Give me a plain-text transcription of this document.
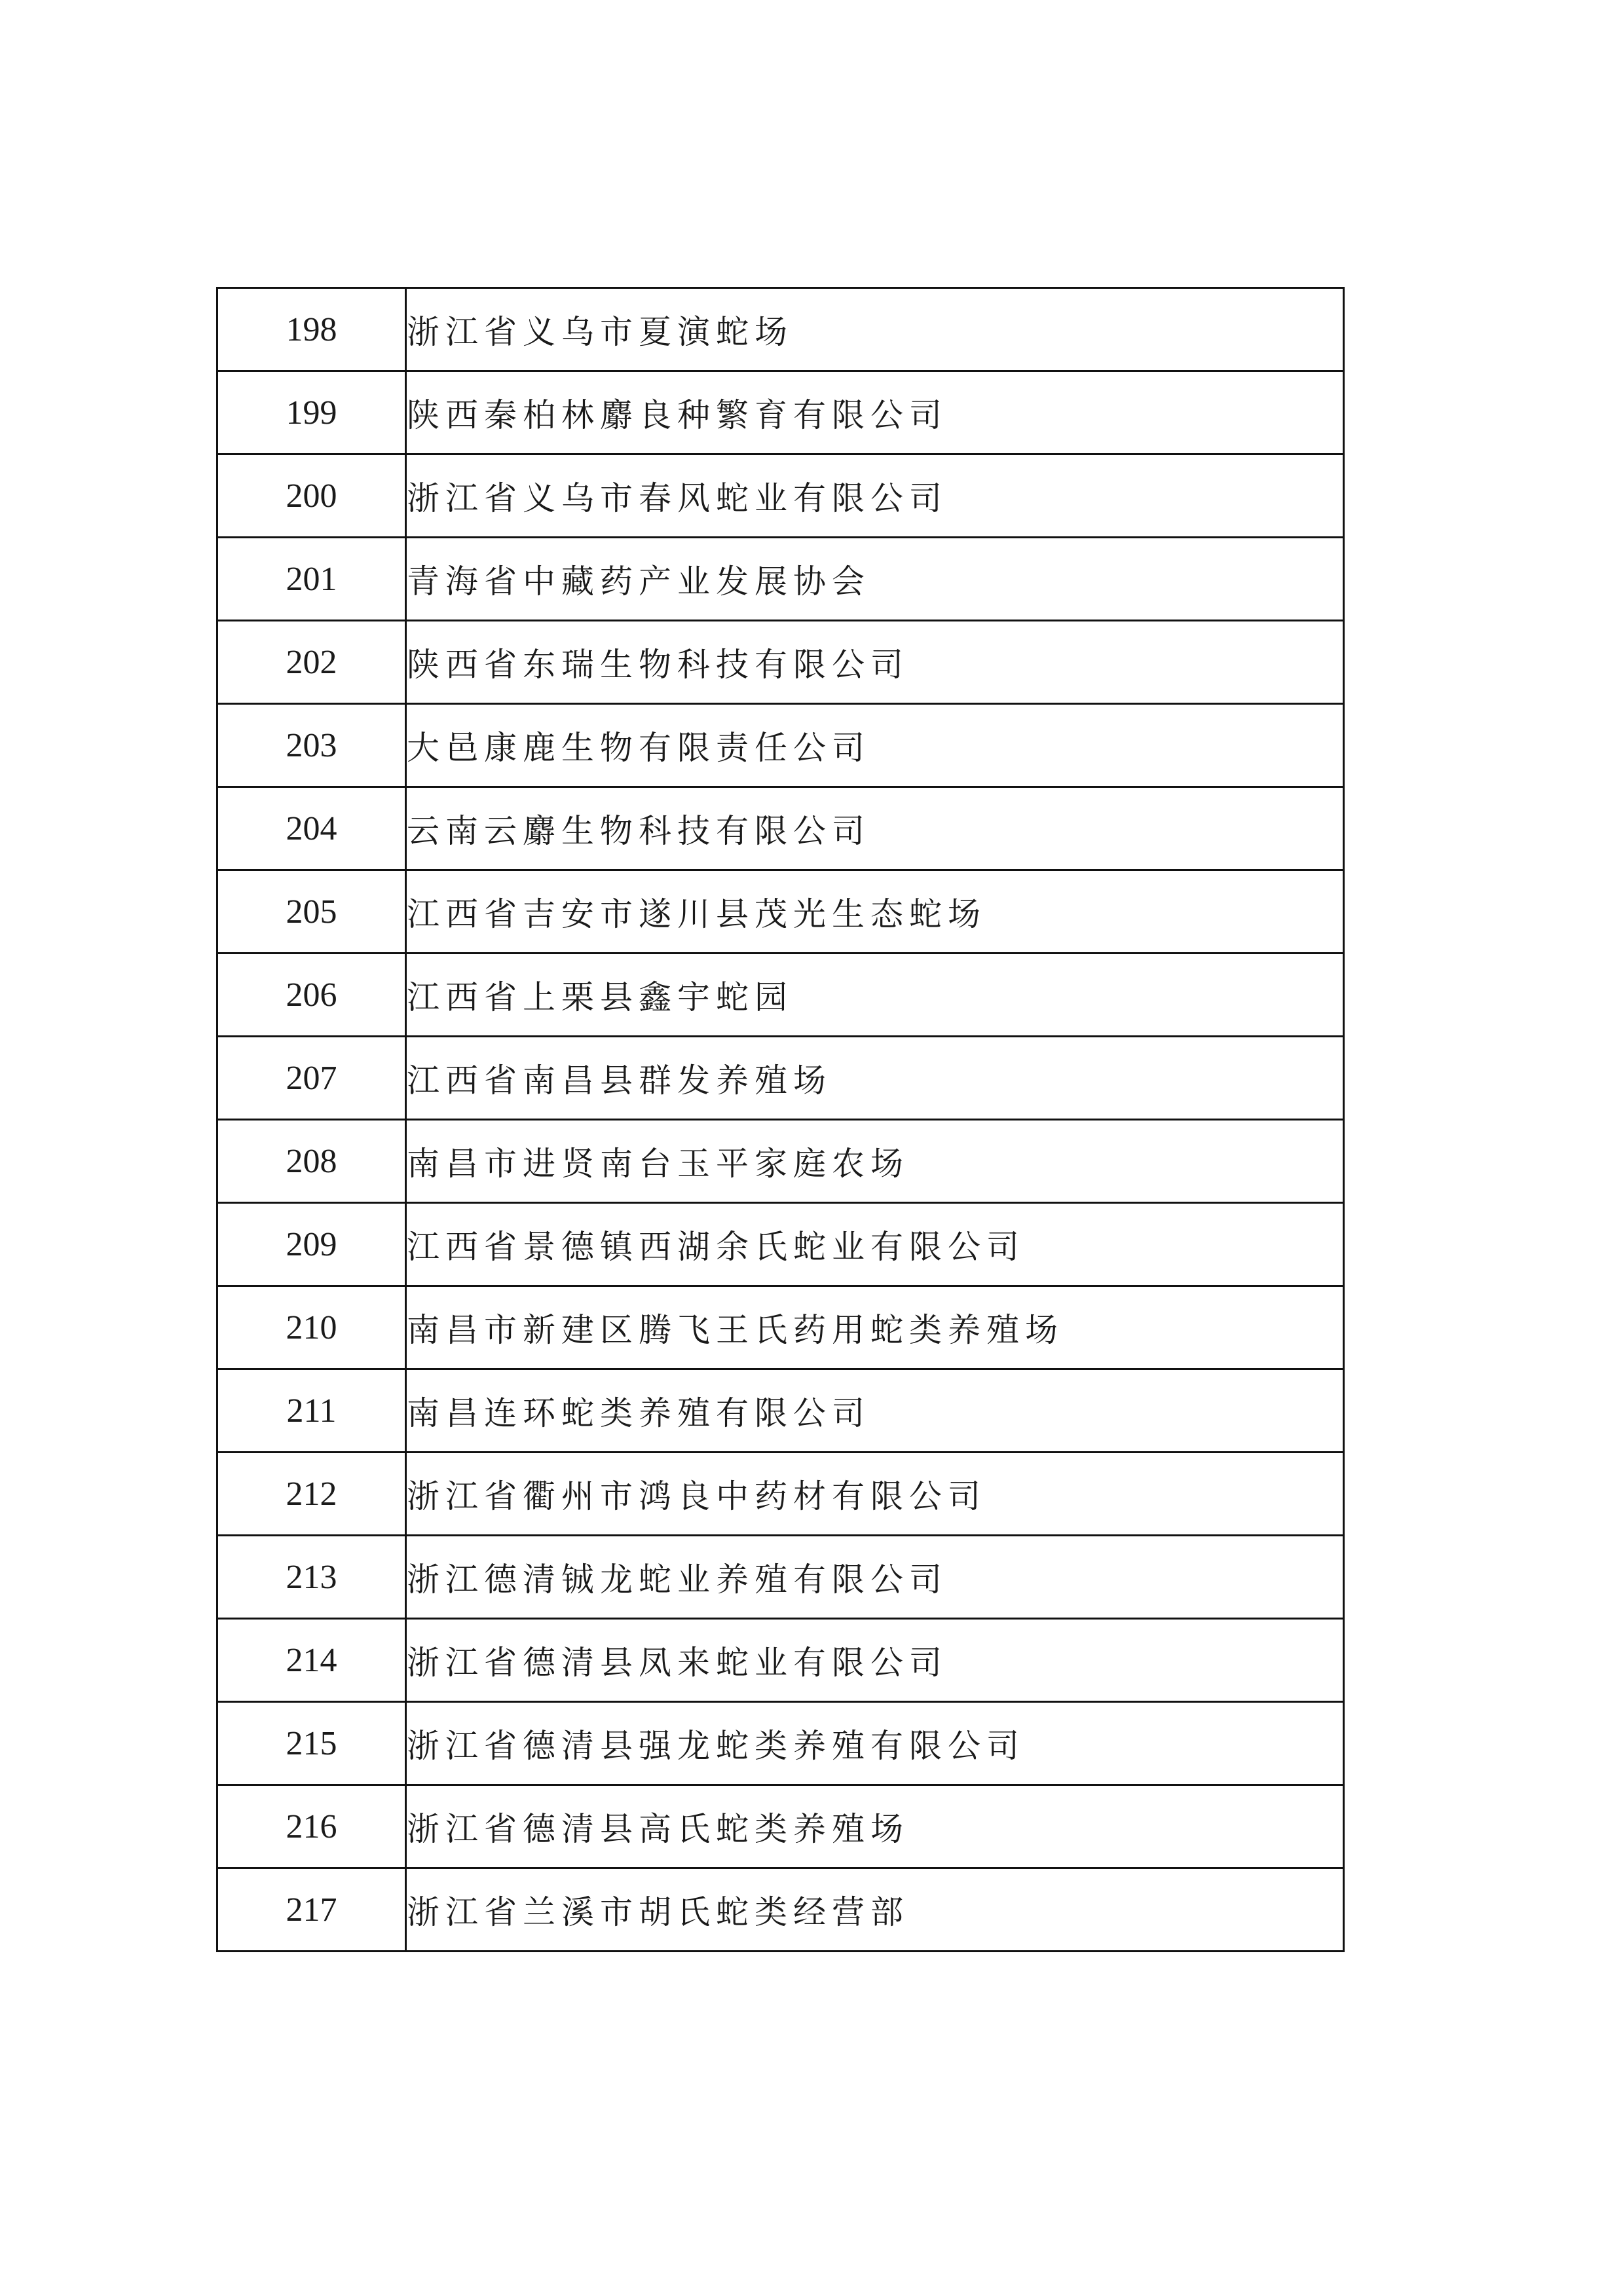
198	浙江省义乌市夏演蛇场
199	陕西秦柏林麝良种繁育有限公司
200	浙江省义乌市春风蛇业有限公司
201	青海省中藏药产业发展协会
202	陕西省东瑞生物科技有限公司
203	大邑康鹿生物有限责任公司
204	云南云麝生物科技有限公司
205	江西省吉安市遂川县茂光生态蛇场
206	江西省上栗县鑫宇蛇园
207	江西省南昌县群发养殖场
208	南昌市进贤南台玉平家庭农场
209	江西省景德镇西湖余氏蛇业有限公司
210	南昌市新建区腾飞王氏药用蛇类养殖场
211	南昌连环蛇类养殖有限公司
212	浙江省衢州市鸿良中药材有限公司
213	浙江德清铖龙蛇业养殖有限公司
214	浙江省德清县凤来蛇业有限公司
215	浙江省德清县强龙蛇类养殖有限公司
216	浙江省德清县高氏蛇类养殖场
217	浙江省兰溪市胡氏蛇类经营部
